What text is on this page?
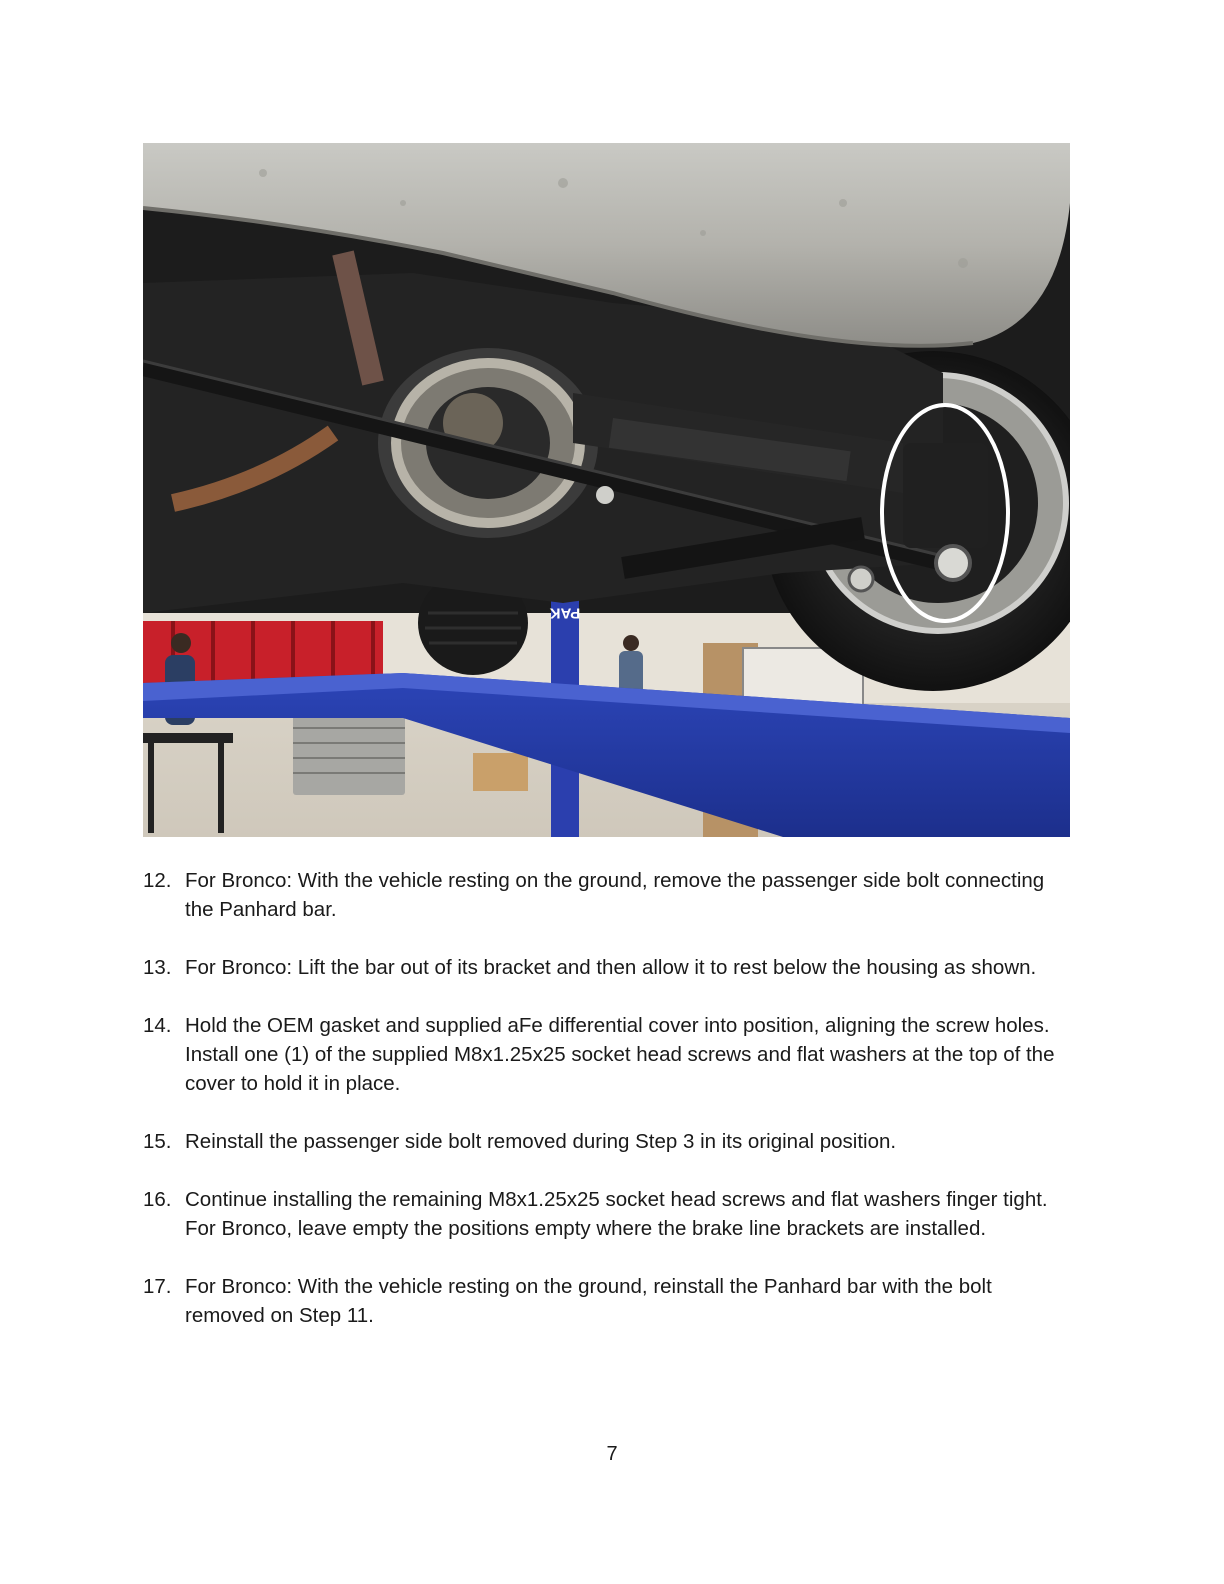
PAK
12. For Bronco: With the vehicle resting on the ground, remove the passenger side bolt connecting the Panhard bar.
13. For Bronco: Lift the bar out of its bracket and then allow it to rest below the housing as shown.
14. Hold the OEM gasket and supplied aFe differential cover into position, aligning the screw holes. Install one (1) of the supplied M8x1.25x25 socket head screws and flat washers at the top of the cover to hold it in place.
15. Reinstall the passenger side bolt removed during Step 3 in its original position.
16. Continue installing the remaining M8x1.25x25 socket head screws and flat washers finger tight. For Bronco, leave empty the positions empty where the brake line brackets are installed.
17. For Bronco: With the vehicle resting on the ground, reinstall the Panhard bar with the bolt removed on Step 11.
7
